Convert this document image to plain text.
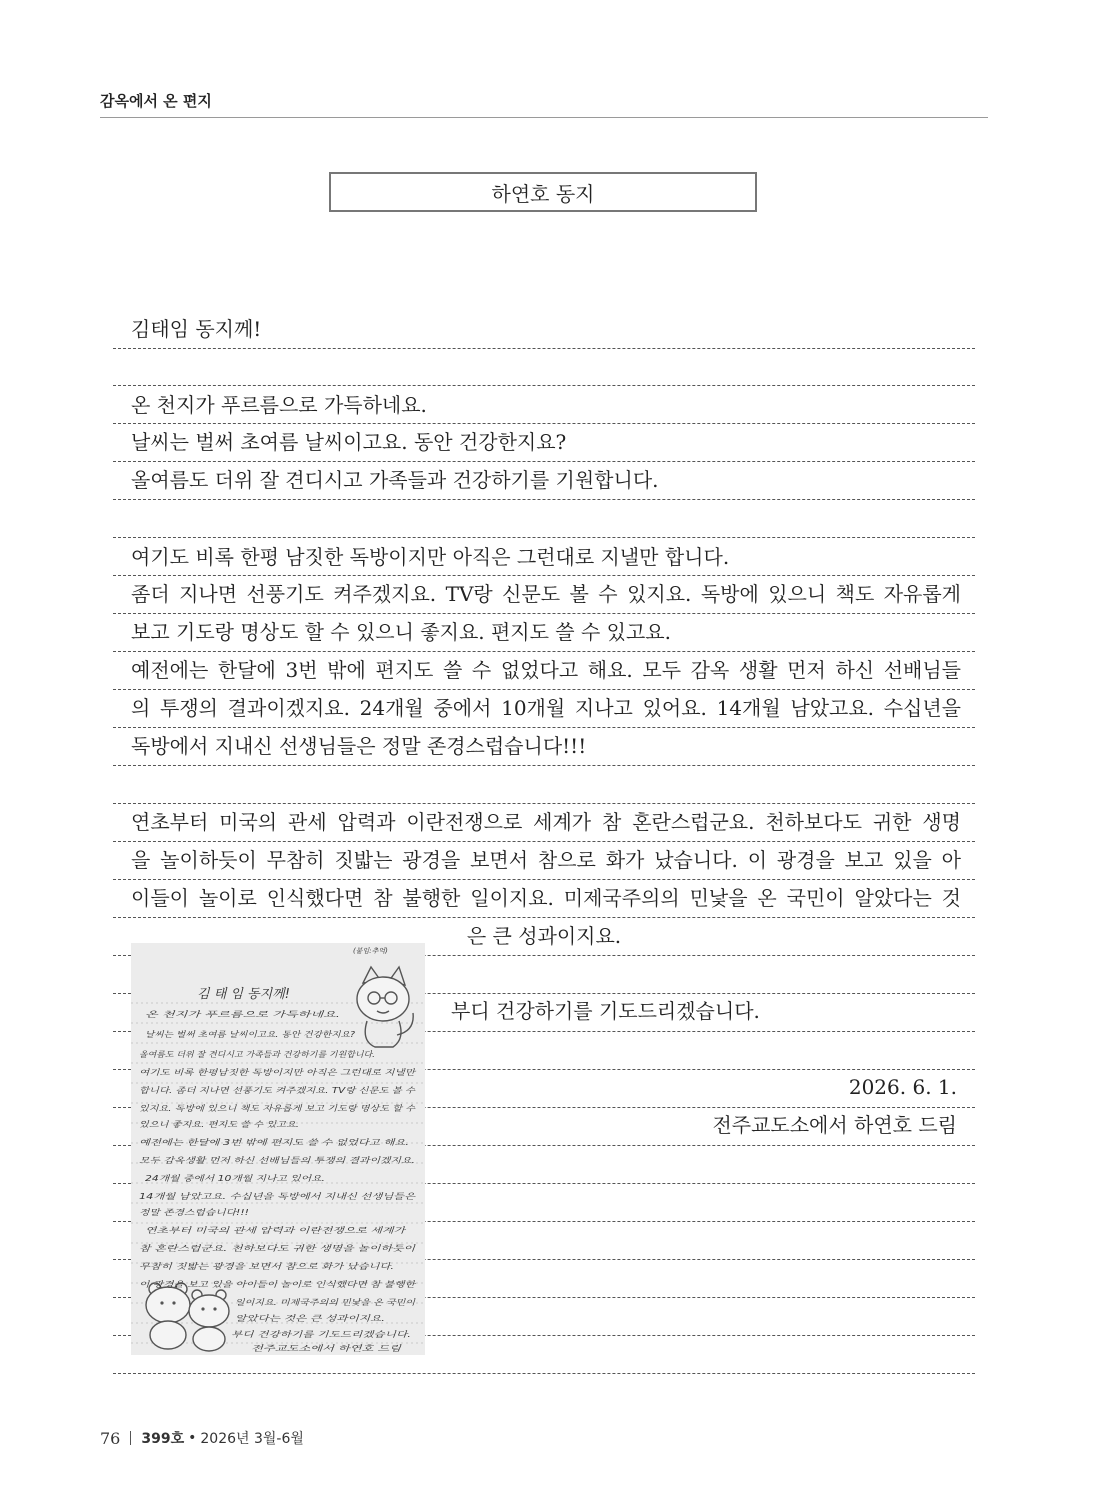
감옥에서 온 편지
하연호 동지
김태임 동지께!
온 천지가 푸르름으로 가득하네요.
날씨는 벌써 초여름 날씨이고요. 동안 건강한지요?
올여름도 더위 잘 견디시고 가족들과 건강하기를 기원합니다.
여기도 비록 한평 남짓한 독방이지만 아직은 그런대로 지낼만 합니다.
좀더 지나면 선풍기도 켜주겠지요. TV랑 신문도 볼 수 있지요. 독방에 있으니 책도 자유롭게
보고 기도랑 명상도 할 수 있으니 좋지요. 편지도 쓸 수 있고요.
예전에는 한달에 3번 밖에 편지도 쓸 수 없었다고 해요. 모두 감옥 생활 먼저 하신 선배님들
의 투쟁의 결과이겠지요. 24개월 중에서 10개월 지나고 있어요. 14개월 남았고요. 수십년을
독방에서 지내신 선생님들은 정말 존경스럽습니다!!!
연초부터 미국의 관세 압력과 이란전쟁으로 세계가 참 혼란스럽군요. 천하보다도 귀한 생명
을 놀이하듯이 무참히 짓밟는 광경을 보면서 참으로 화가 났습니다. 이 광경을 보고 있을 아
이들이 놀이로 인식했다면 참 불행한 일이지요. 미제국주의의 민낯을 온 국민이 알았다는 것
은 큰 성과이지요.
부디 건강하기를 기도드리겠습니다.
2026. 6. 1.
전주교도소에서 하연호 드림
(붙임:추억)
김 태 임 동지께!
온 천지가 푸르름으로 가득하네요.
날씨는 벌써 초여름 날씨이고요. 동안 건강한지요?
올여름도 더위 잘 견디시고 가족들과 건강하기를 기원합니다.
여기도 비록 한평남짓한 독방이지만 아직은 그런대로 지낼만
합니다. 좀더 지나면 선풍기도 켜주겠지요. TV랑 신문도 볼 수
있지요. 독방에 있으니 책도 자유롭게 보고 기도랑 명상도 할 수
있으니 좋지요. 편지도 쓸 수 있고요.
예전에는 한달에 3번 밖에 편지도 쓸 수 없었다고 해요.
모두 감옥생활 먼저 하신 선배님들의 투쟁의 결과이겠지요.
24개월 중에서 10개월 지나고 있어요.
14개월 남았고요. 수십년을 독방에서 지내신 선생님들은
정말 존경스럽습니다!!!
연초부터 미국의 관세 압력과 이란전쟁으로 세계가
참 혼란스럽군요. 천하보다도 귀한 생명을 놀이하듯이
무참히 짓밟는 광경을 보면서 참으로 화가 났습니다.
이 광경을 보고 있을 아이들이 놀이로 인식했다면 참 불행한
일이지요. 미제국주의의 민낯을 온 국민이
알았다는 것은 큰 성과이지요.
부디 건강하기를 기도드리겠습니다.
전주교도소에서 하연호 드림
76 399호 • 2026년 3월-6월
